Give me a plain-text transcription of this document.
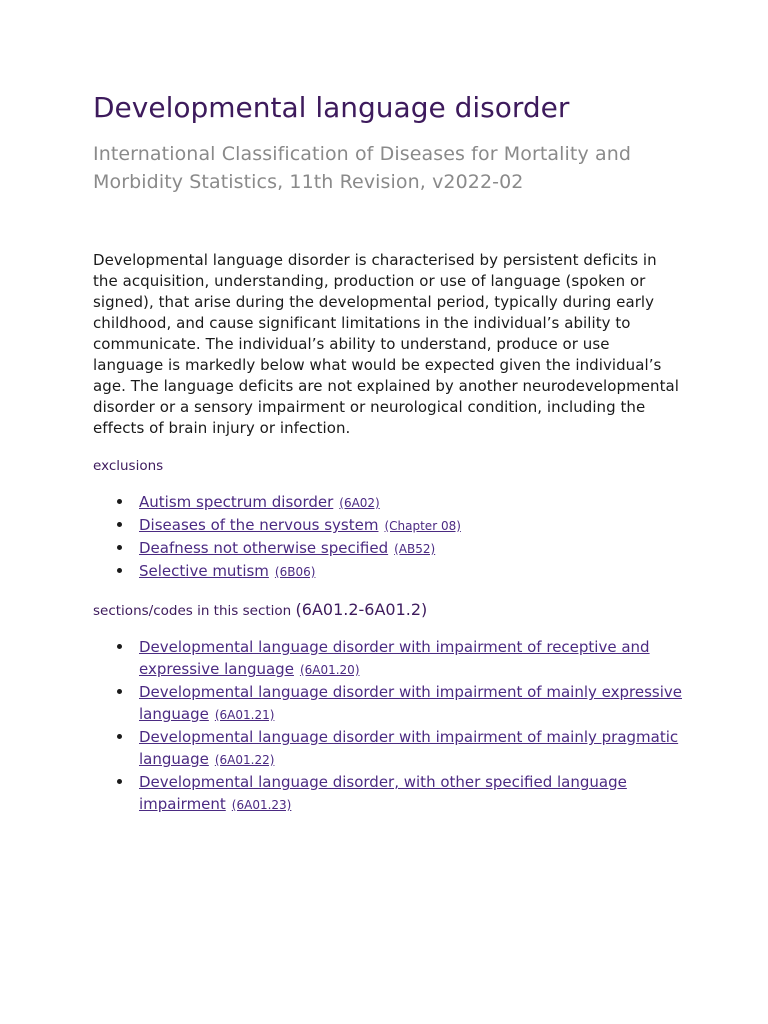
Developmental language disorder
International Classification of Diseases for Mortality and Morbidity Statistics, 11th Revision, v2022-02

Developmental language disorder is characterised by persistent deficits in the acquisition, understanding, production or use of language (spoken or signed), that arise during the developmental period, typically during early childhood, and cause significant limitations in the individual’s ability to communicate. The individual’s ability to understand, produce or use language is markedly below what would be expected given the individual’s age. The language deficits are not explained by another neurodevelopmental disorder or a sensory impairment or neurological condition, including the effects of brain injury or infection.

exclusions
Autism spectrum disorder (6A02)
Diseases of the nervous system (Chapter 08)
Deafness not otherwise specified (AB52)
Selective mutism (6B06)
sections/codes in this section (6A01.2-6A01.2)
Developmental language disorder with impairment of receptive and expressive language (6A01.20)
Developmental language disorder with impairment of mainly expressive language (6A01.21)
Developmental language disorder with impairment of mainly pragmatic language (6A01.22)
Developmental language disorder, with other specified language impairment (6A01.23)
